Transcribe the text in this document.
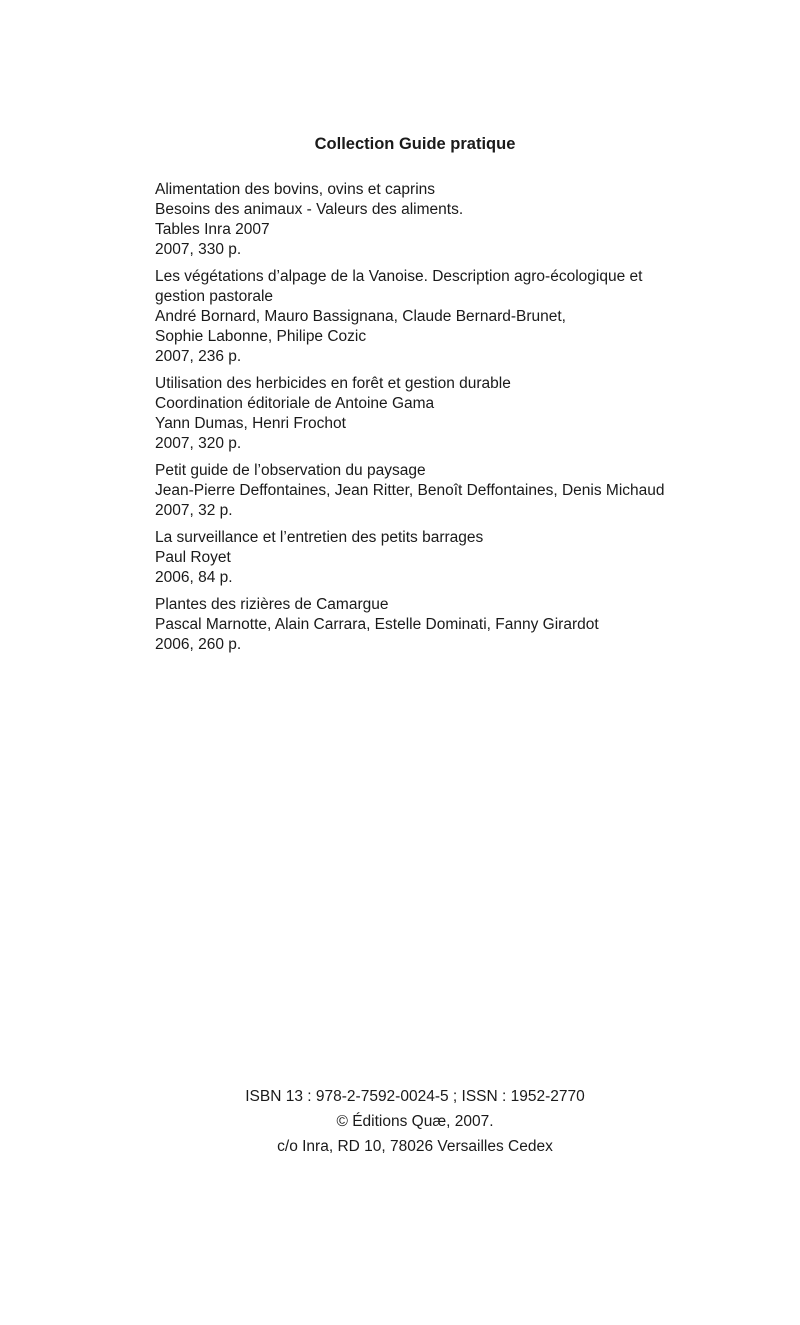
Collection Guide pratique
Alimentation des bovins, ovins et caprins
Besoins des animaux - Valeurs des aliments.
Tables Inra 2007
2007, 330 p.
Les végétations d’alpage de la Vanoise. Description agro-écologique et
gestion pastorale
André Bornard, Mauro Bassignana, Claude Bernard-Brunet,
Sophie Labonne, Philipe Cozic
2007, 236 p.
Utilisation des herbicides en forêt et gestion durable
Coordination éditoriale de Antoine Gama
Yann Dumas, Henri Frochot
2007, 320 p.
Petit guide de l’observation du paysage
Jean-Pierre Deffontaines, Jean Ritter, Benoît Deffontaines, Denis Michaud
2007, 32 p.
La surveillance et l’entretien des petits barrages
Paul Royet
2006, 84 p.
Plantes des rizières de Camargue
Pascal Marnotte, Alain Carrara, Estelle Dominati, Fanny Girardot
2006, 260 p.
ISBN 13 : 978-2-7592-0024-5 ; ISSN : 1952-2770
© Éditions Quæ, 2007.
c/o Inra, RD 10, 78026 Versailles Cedex
